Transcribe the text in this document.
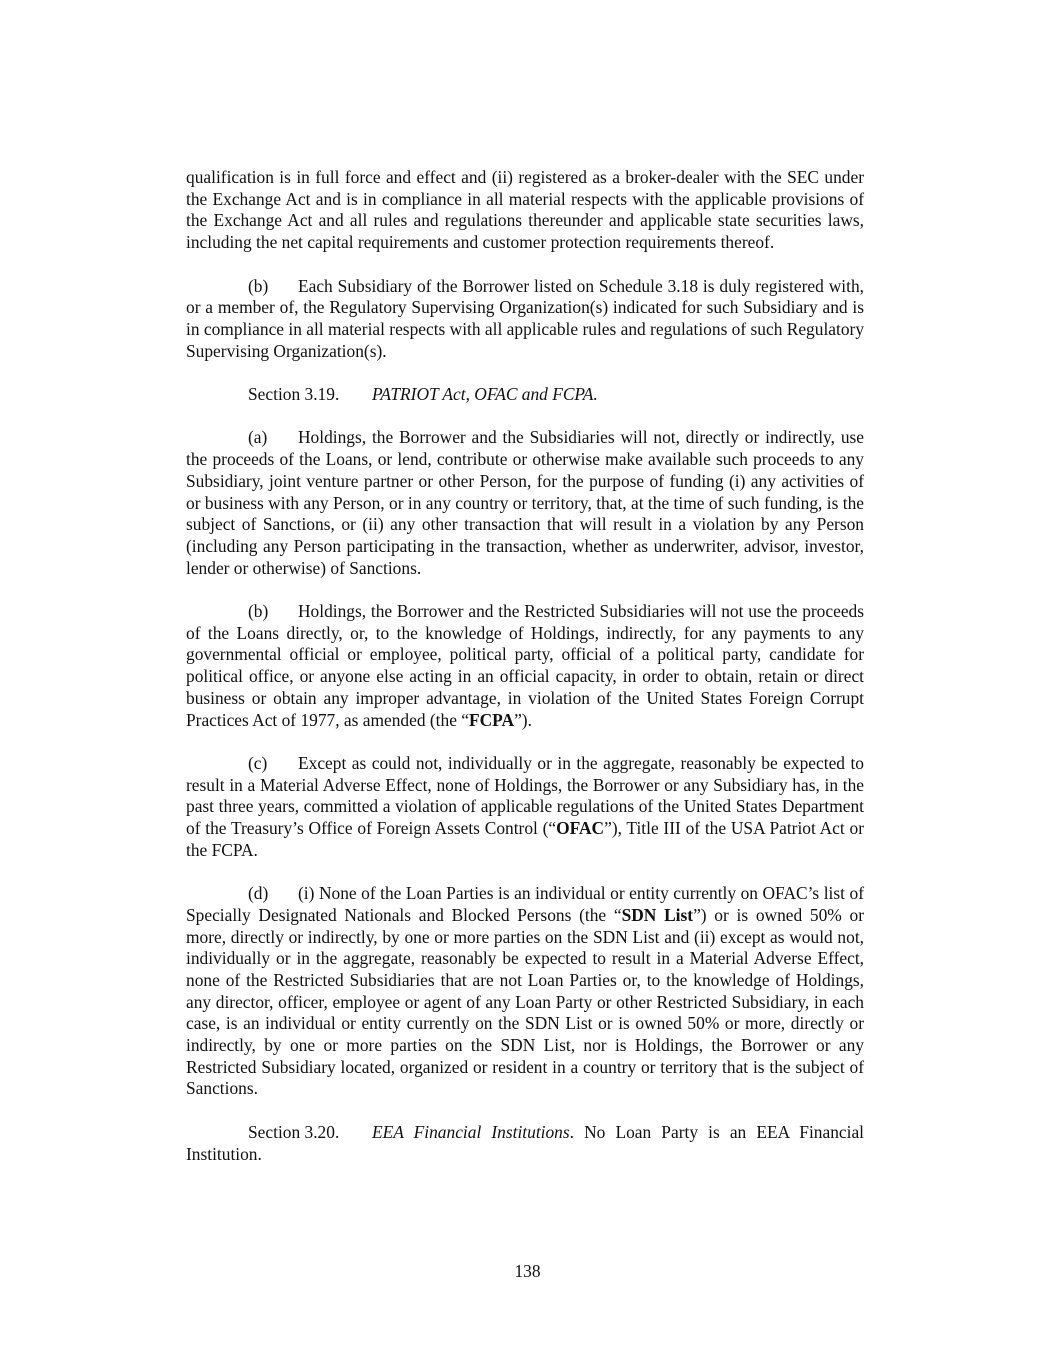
qualification is in full force and effect and (ii) registered as a broker-dealer with the SEC under the Exchange Act and is in compliance in all material respects with the applicable provisions of the Exchange Act and all rules and regulations thereunder and applicable state securities laws, including the net capital requirements and customer protection requirements thereof.

(b) Each Subsidiary of the Borrower listed on Schedule 3.18 is duly registered with, or a member of, the Regulatory Supervising Organization(s) indicated for such Subsidiary and is in compliance in all material respects with all applicable rules and regulations of such Regulatory Supervising Organization(s).

Section 3.19. PATRIOT Act, OFAC and FCPA.

(a) Holdings, the Borrower and the Subsidiaries will not, directly or indirectly, use the proceeds of the Loans, or lend, contribute or otherwise make available such proceeds to any Subsidiary, joint venture partner or other Person, for the purpose of funding (i) any activities of or business with any Person, or in any country or territory, that, at the time of such funding, is the subject of Sanctions, or (ii) any other transaction that will result in a violation by any Person (including any Person participating in the transaction, whether as underwriter, advisor, investor, lender or otherwise) of Sanctions.

(b) Holdings, the Borrower and the Restricted Subsidiaries will not use the proceeds of the Loans directly, or, to the knowledge of Holdings, indirectly, for any payments to any governmental official or employee, political party, official of a political party, candidate for political office, or anyone else acting in an official capacity, in order to obtain, retain or direct business or obtain any improper advantage, in violation of the United States Foreign Corrupt Practices Act of 1977, as amended (the “FCPA”).

(c) Except as could not, individually or in the aggregate, reasonably be expected to result in a Material Adverse Effect, none of Holdings, the Borrower or any Subsidiary has, in the past three years, committed a violation of applicable regulations of the United States Department of the Treasury’s Office of Foreign Assets Control (“OFAC”), Title III of the USA Patriot Act or the FCPA.

(d) (i) None of the Loan Parties is an individual or entity currently on OFAC’s list of Specially Designated Nationals and Blocked Persons (the “SDN List”) or is owned 50% or more, directly or indirectly, by one or more parties on the SDN List and (ii) except as would not, individually or in the aggregate, reasonably be expected to result in a Material Adverse Effect, none of the Restricted Subsidiaries that are not Loan Parties or, to the knowledge of Holdings, any director, officer, employee or agent of any Loan Party or other Restricted Subsidiary, in each case, is an individual or entity currently on the SDN List or is owned 50% or more, directly or indirectly, by one or more parties on the SDN List, nor is Holdings, the Borrower or any Restricted Subsidiary located, organized or resident in a country or territory that is the subject of Sanctions.

Section 3.20. EEA Financial Institutions. No Loan Party is an EEA Financial Institution.

138
